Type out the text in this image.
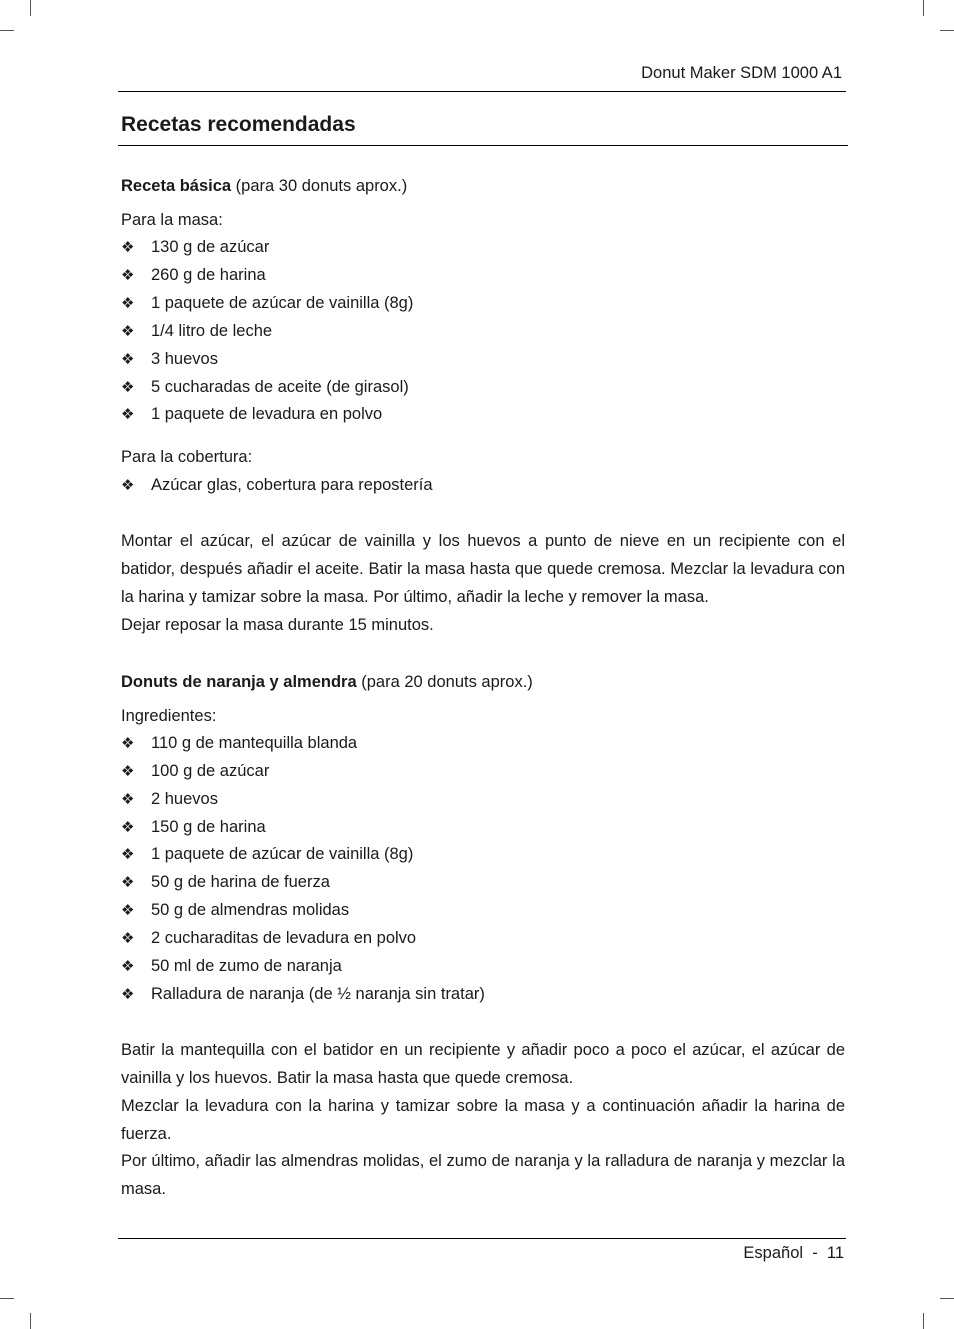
Donut Maker SDM 1000 A1
Recetas recomendadas

Receta básica (para 30 donuts aprox.)

Para la masa:

❖	130 g de azúcar
❖	260 g de harina
❖	1 paquete de azúcar de vainilla (8g)
❖	1/4 litro de leche
❖	3 huevos
❖	5 cucharadas de aceite (de girasol)
❖	1 paquete de levadura en polvo

Para la cobertura:

❖	Azúcar glas, cobertura para repostería

Montar el azúcar, el azúcar de vainilla y los huevos a punto de nieve en un recipiente con el batidor, después añadir el aceite. Batir la masa hasta que quede cremosa. Mezclar la levadura con la harina y tamizar sobre la masa. Por último, añadir la leche y remover la masa.

Dejar reposar la masa durante 15 minutos.

Donuts de naranja y almendra (para 20 donuts aprox.)

Ingredientes:

❖	110 g de mantequilla blanda
❖	100 g de azúcar
❖	2 huevos
❖	150 g de harina
❖	1 paquete de azúcar de vainilla (8g)
❖	50 g de harina de fuerza
❖	50 g de almendras molidas
❖	2 cucharaditas de levadura en polvo
❖	50 ml de zumo de naranja
❖	Ralladura de naranja (de ½ naranja sin tratar)

Batir la mantequilla con el batidor en un recipiente y añadir poco a poco el azúcar, el azúcar de vainilla y los huevos. Batir la masa hasta que quede cremosa.

Mezclar la levadura con la harina y tamizar sobre la masa y a continuación añadir la harina de fuerza.

Por último, añadir las almendras molidas, el zumo de naranja y la ralladura de naranja y mezclar la masa.

Español  -  11
